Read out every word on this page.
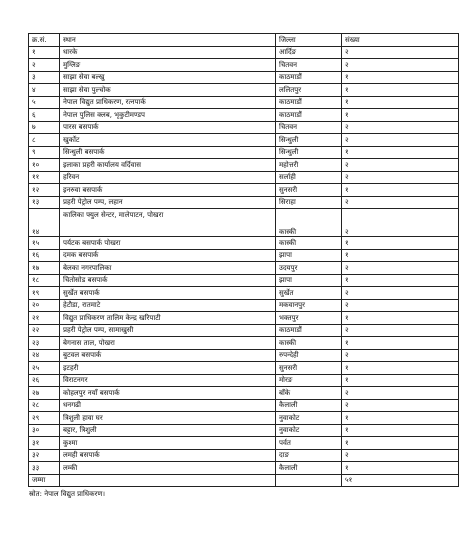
क्र.सं.	स्थान	जिल्ला	संख्या
१	धारके	आर्दिङ	२
२	मुग्लिङ	चितवन	२
३	साझा सेवा बल्खु	काठमाडौं	१
४	साझा सेवा पुल्चोक	ललितपुर	१
५	नेपाल विद्युत प्राधिकरण, रत्नपार्क	काठमाडौं	१
६	नेपाल पुलिस क्लब, भृकुटीमण्डप	काठमाडौं	१
७	पारस बसपार्क	चितवन	२
८	खुर्कोट	सिन्धुली	२
९	सिन्धुली बसपार्क	सिन्धुली	१
१०	इलाका प्रहरी कार्यालय वर्दिवास	महोत्तरी	२
११	हरिवन	सर्लाही	२
१२	इनरुवा बसपार्क	सुनसरी	१
१३	प्रहरी पेट्रोल पम्प, लहान	सिराहा	२
१४	कालिका फ्युल सेन्टर, मालेपाटन, पोखरा	कास्की	२
१५	पर्यटक बसपार्क पोखरा	कास्की	१
१६	दमक बसपार्क	झापा	१
१७	बेलका नगरपालिका	उदयपुर	२
१८	चितोसोड बसपार्क	झापा	१
१९	सुर्खेत बसपार्क	सुर्खेत	२
२०	हेटौडा, रातमाटे	मकवानपुर	२
२१	विद्युत प्राधिकरण तालिम केन्द्र खरिपाटी	भक्तपुर	१
२२	प्रहरी पेट्रोल पम्प, सामाखुसी	काठमाडौं	२
२३	बेगनास ताल, पोखरा	कास्की	१
२४	बुटवल बसपार्क	रुपन्देही	२
२५	इटहरी	सुनसरी	१
२६	विराटनगर	मोरङ	१
२७	कोहलपुर नयाँ बसपार्क	बाँके	२
२८	धनगढी	कैलाली	२
२९	त्रिशुली हावा घर	नुवाकोट	१
३०	बट्टार, त्रिशुली	नुवाकोट	१
३१	कुश्मा	पर्वत	१
३२	लमही बसपार्क	दाङ	२
३३	लम्की	कैलाली	१
जम्मा			५१
स्रोत: नेपाल विद्युत प्राधिकरण।
